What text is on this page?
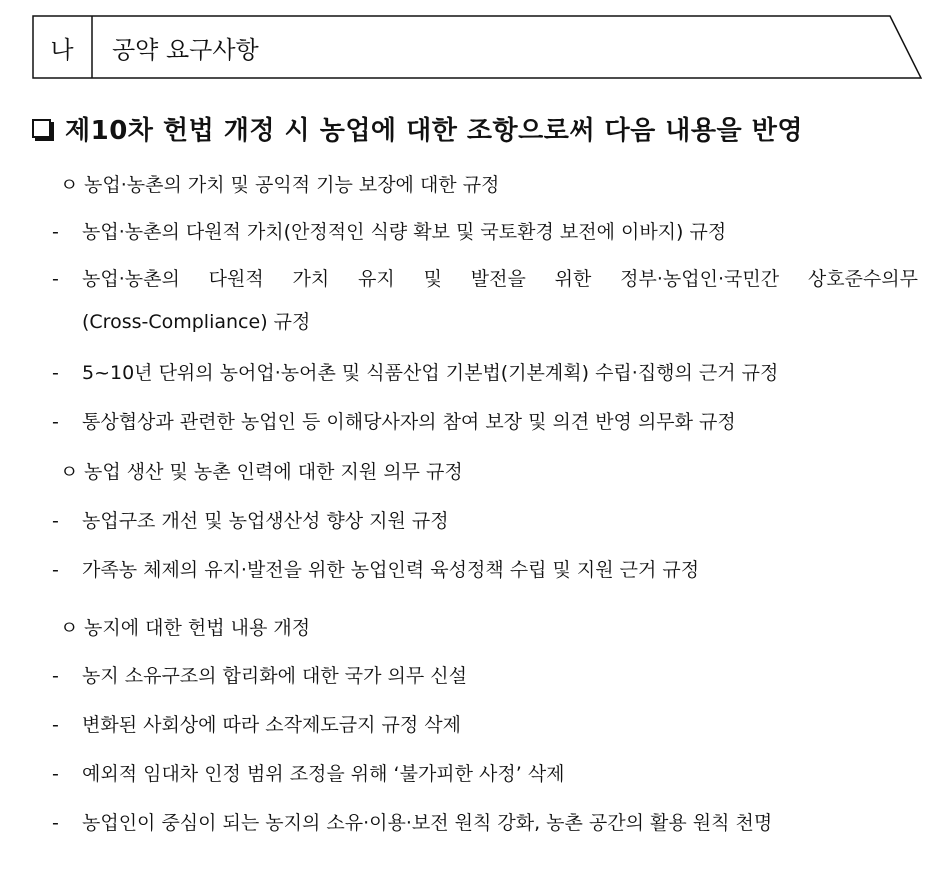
나	공약 요구사항
제10차 헌법 개정 시 농업에 대한 조항으로써 다음 내용을 반영
ㅇ 농업·농촌의 가치 및 공익적 기능 보장에 대한 규정
- 농업·농촌의 다원적 가치(안정적인 식량 확보 및 국토환경 보전에 이바지) 규정
-	농업·농촌의 다원적 가치 유지 및 발전을 위한 정부·농업인·국민간 상호준수의무
(Cross-Compliance) 규정
- 5~10년 단위의 농어업·농어촌 및 식품산업 기본법(기본계획) 수립·집행의 근거 규정
- 통상협상과 관련한 농업인 등 이해당사자의 참여 보장 및 의견 반영 의무화 규정
ㅇ 농업 생산 및 농촌 인력에 대한 지원 의무 규정
- 농업구조 개선 및 농업생산성 향상 지원 규정
- 가족농 체제의 유지·발전을 위한 농업인력 육성정책 수립 및 지원 근거 규정
ㅇ 농지에 대한 헌법 내용 개정
- 농지 소유구조의 합리화에 대한 국가 의무 신설
- 변화된 사회상에 따라 소작제도금지 규정 삭제
- 예외적 임대차 인정 범위 조정을 위해 ‘불가피한 사정’ 삭제
- 농업인이 중심이 되는 농지의 소유·이용·보전 원칙 강화, 농촌 공간의 활용 원칙 천명
